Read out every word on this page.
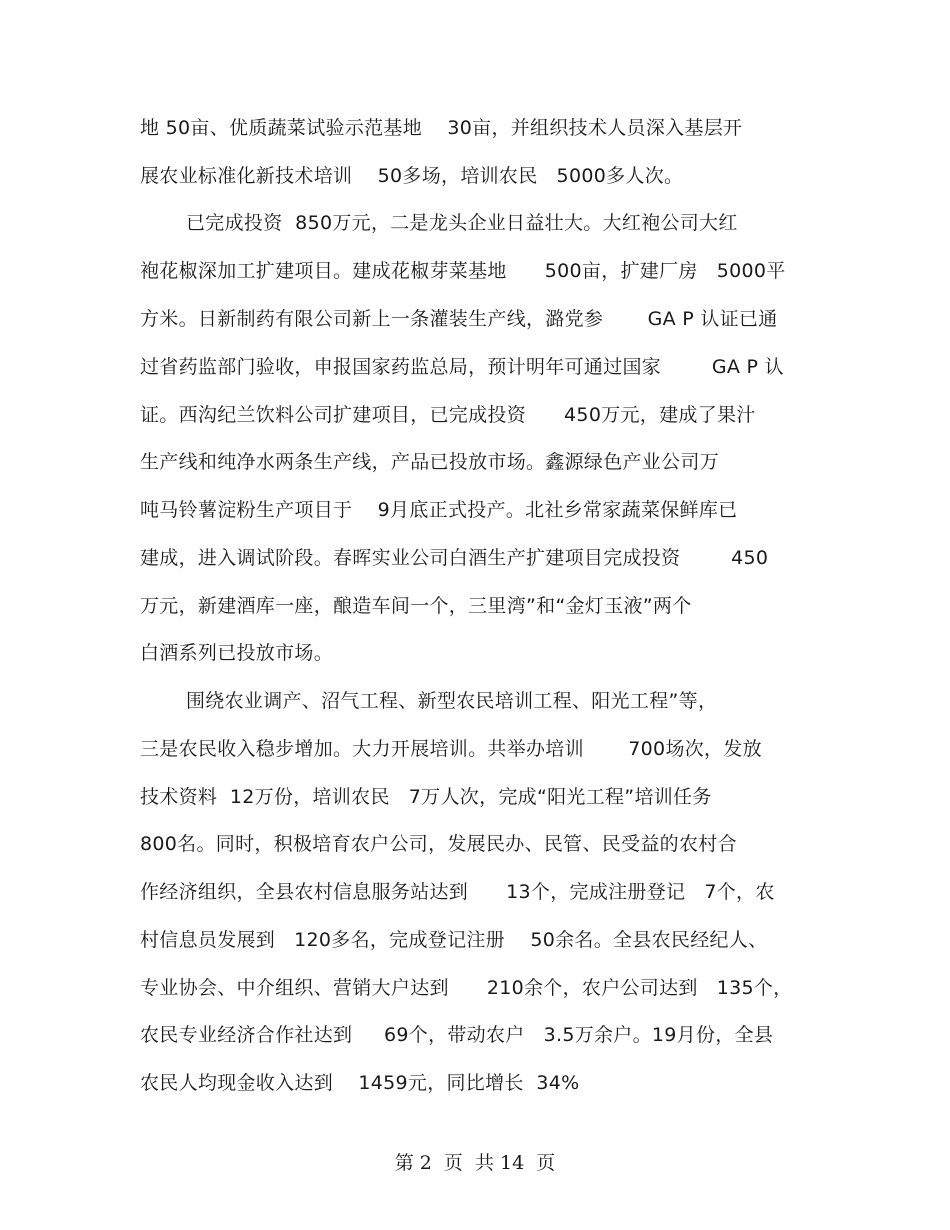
地 50亩、优质蔬菜试验示范基地    30亩，并组织技术人员深入基层开
展农业标准化新技术培训    50多场，培训农民   5000多人次。
已完成投资  850万元，二是龙头企业日益壮大。大红袍公司大红
袍花椒深加工扩建项目。建成花椒芽菜基地      500亩，扩建厂房   5000平
方米。日新制药有限公司新上一条灌装生产线，潞党参       GA P 认证已通
过省药监部门验收，申报国家药监总局，预计明年可通过国家        GA P 认
证。西沟纪兰饮料公司扩建项目，已完成投资      450万元，建成了果汁
生产线和纯净水两条生产线，产品已投放市场。鑫源绿色产业公司万
吨马铃薯淀粉生产项目于    9月底正式投产。北社乡常家蔬菜保鲜库已
建成，进入调试阶段。春晖实业公司白酒生产扩建项目完成投资        450
万元，新建酒库一座，酿造车间一个，三里湾”和“金灯玉液”两个
白酒系列已投放市场。
围绕农业调产、沼气工程、新型农民培训工程、阳光工程”等，
三是农民收入稳步增加。大力开展培训。共举办培训       700场次，发放
技术资料  12万份，培训农民   7万人次，完成“阳光工程”培训任务
800名。同时，积极培育农户公司，发展民办、民管、民受益的农村合
作经济组织，全县农村信息服务站达到      13个，完成注册登记   7个，农
村信息员发展到   120多名，完成登记注册    50余名。全县农民经纪人、
专业协会、中介组织、营销大户达到      210余个，农户公司达到   135个，
农民专业经济合作社达到     69个，带动农户   3.5万余户。19月份，全县
农民人均现金收入达到    1459元，同比增长  34%
第 2  页  共 14  页
